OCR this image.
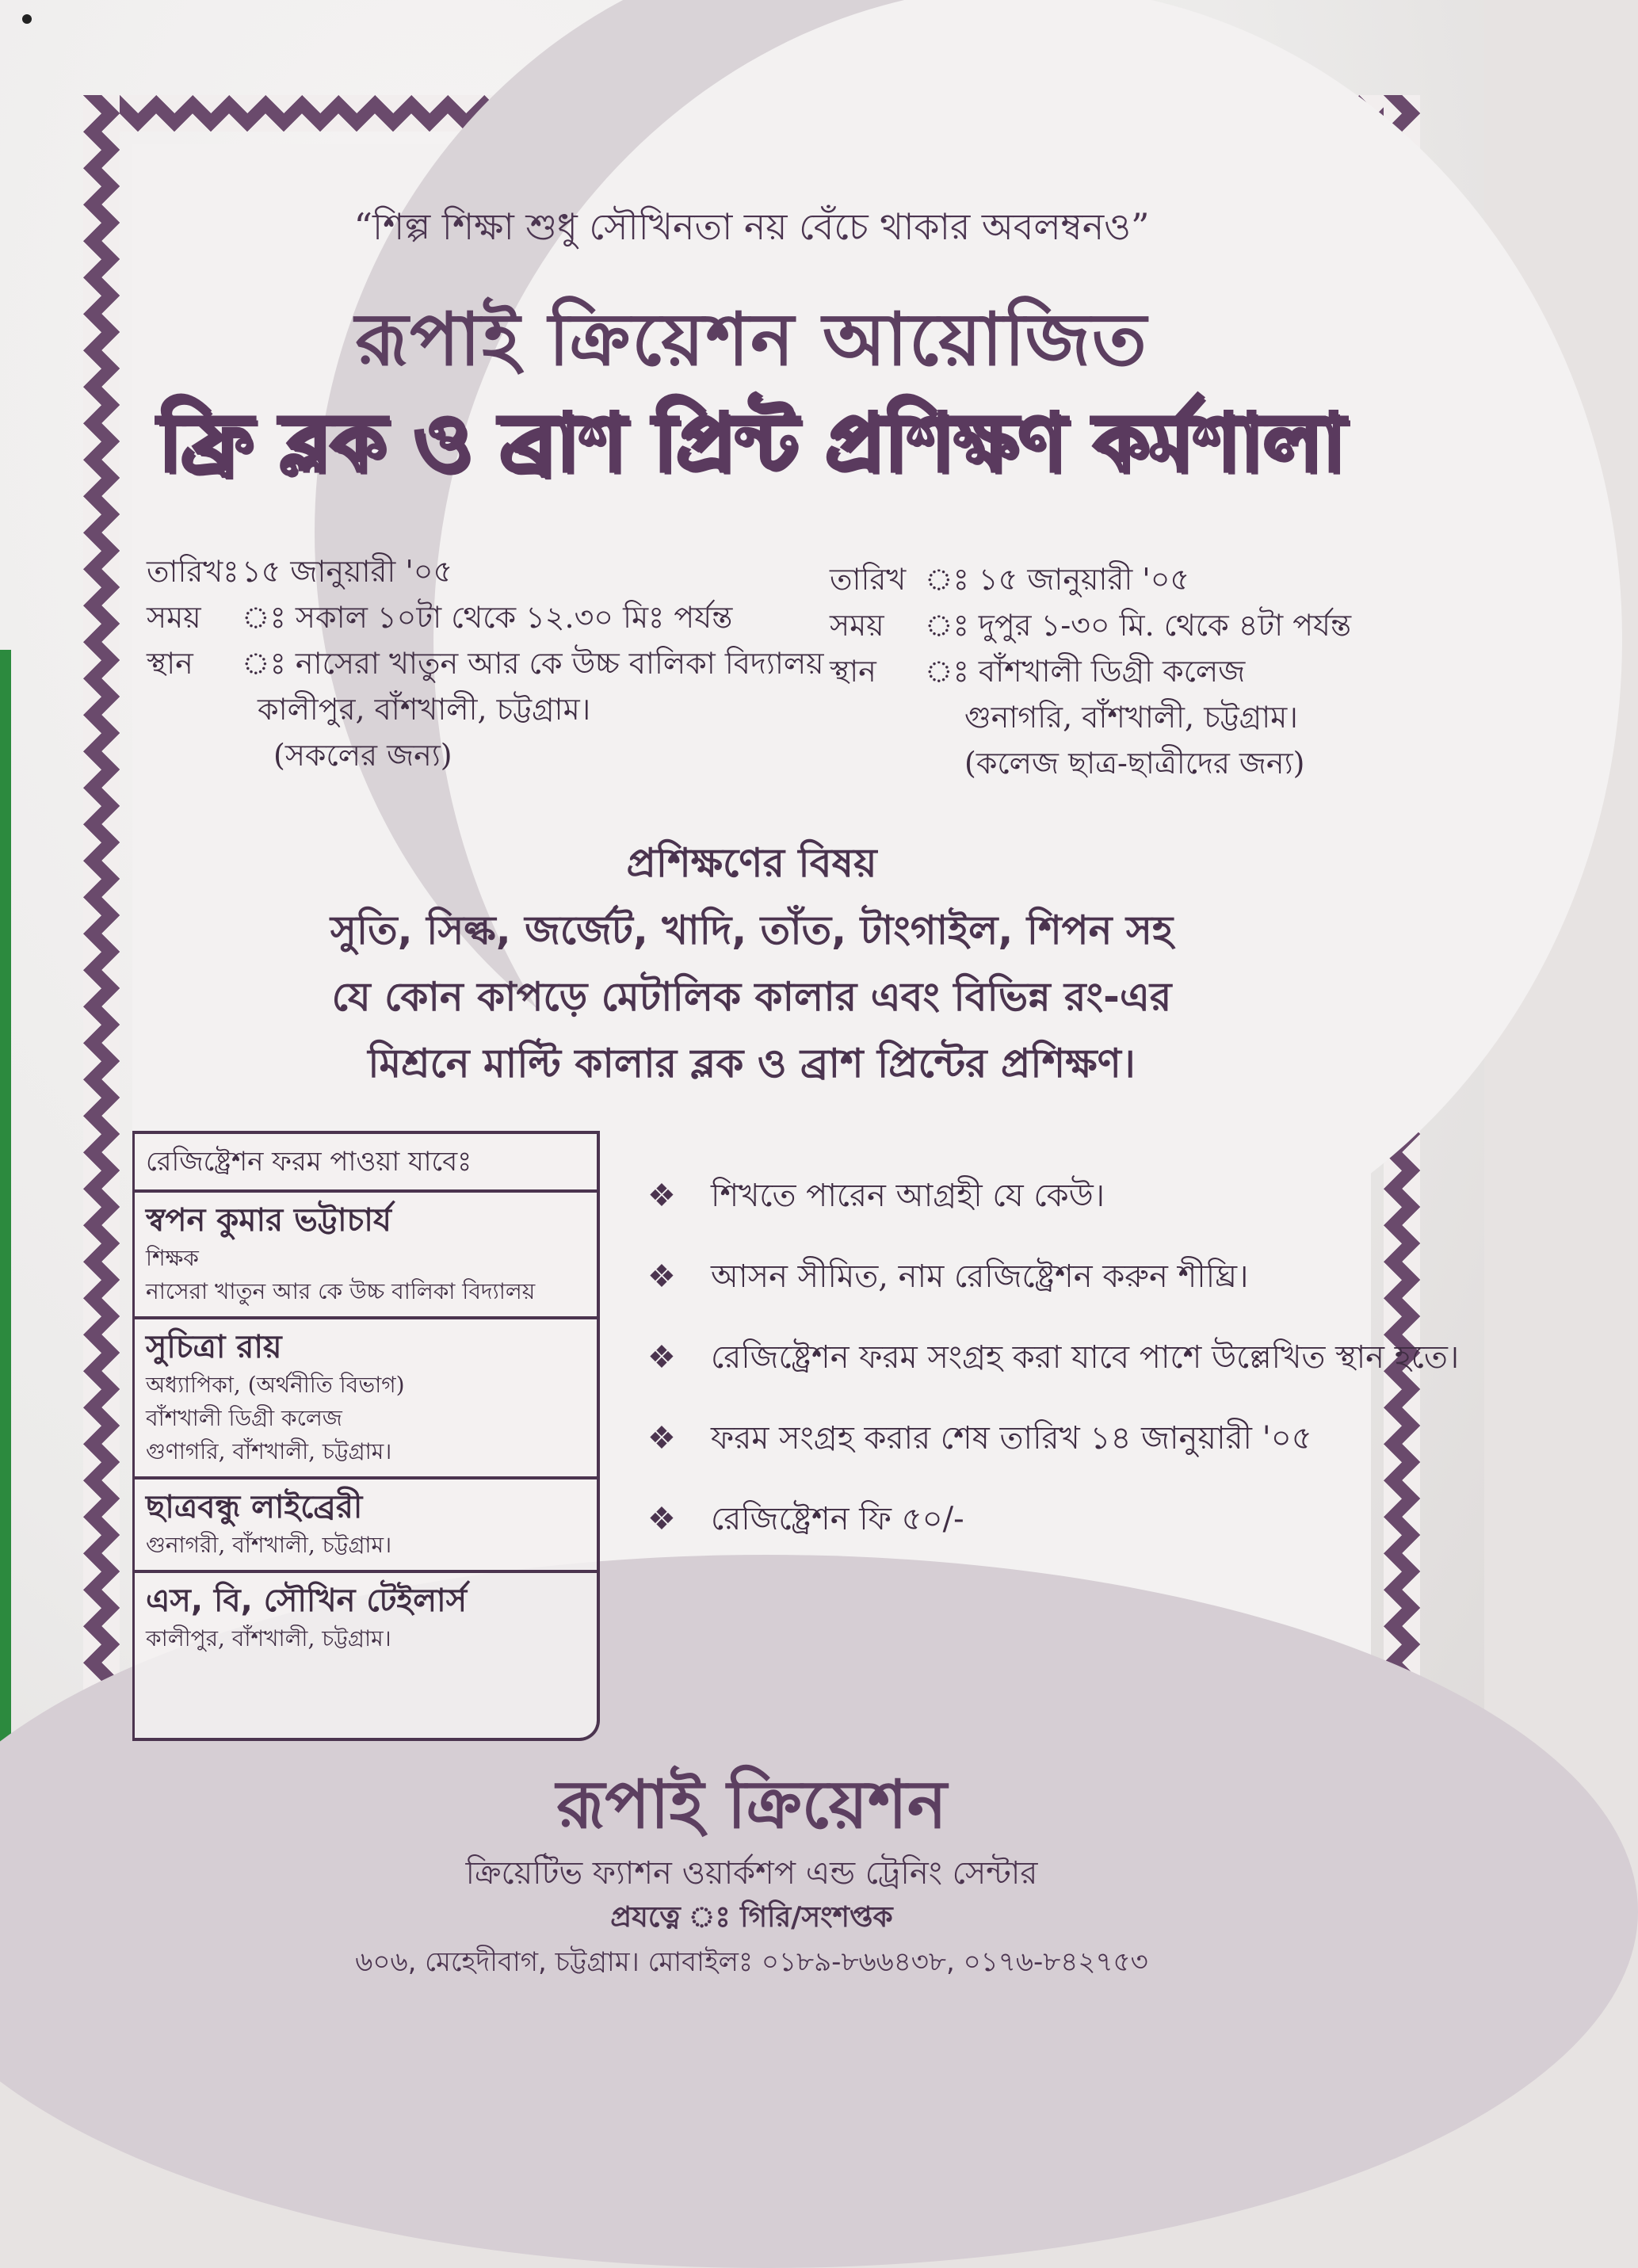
“শিল্প শিক্ষা শুধু সৌখিনতা নয় বেঁচে থাকার অবলম্বনও”
রূপাই ক্রিয়েশন আয়োজিত
ফ্রি ব্লক ও ব্রাশ প্রিন্ট প্রশিক্ষণ কর্মশালা
তারিখঃ ১৫ জানুয়ারী '০৫
সময়	ঃ সকাল ১০টা থেকে ১২.৩০ মিঃ পর্যন্ত
স্থান	ঃ নাসেরা খাতুন আর কে উচ্চ বালিকা বিদ্যালয়
কালীপুর, বাঁশখালী, চট্টগ্রাম।
(সকলের জন্য)
তারিখ ঃ ১৫ জানুয়ারী '০৫
সময়	ঃ দুপুর ১-৩০ মি. থেকে ৪টা পর্যন্ত
স্থান	ঃ বাঁশখালী ডিগ্রী কলেজ
গুনাগরি, বাঁশখালী, চট্টগ্রাম।
(কলেজ ছাত্র-ছাত্রীদের জন্য)
প্রশিক্ষণের বিষয়
সুতি, সিল্ক, জর্জেট, খাদি, তাঁত, টাংগাইল, শিপন সহ
যে কোন কাপড়ে মেটালিক কালার এবং বিভিন্ন রং-এর
মিশ্রনে মাল্টি কালার ব্লক ও ব্রাশ প্রিন্টের প্রশিক্ষণ।
রেজিষ্ট্রেশন ফরম পাওয়া যাবেঃ
স্বপন কুমার ভট্টাচার্য
শিক্ষক
নাসেরা খাতুন আর কে উচ্চ বালিকা বিদ্যালয়
সুচিত্রা রায়
অধ্যাপিকা, (অর্থনীতি বিভাগ)
বাঁশখালী ডিগ্রী কলেজ
গুণাগরি, বাঁশখালী, চট্টগ্রাম।
ছাত্রবন্ধু লাইব্রেরী
গুনাগরী, বাঁশখালী, চট্টগ্রাম।
এস, বি, সৌখিন টেইলার্স
কালীপুর, বাঁশখালী, চট্টগ্রাম।
❖	শিখতে পারেন আগ্রহী যে কেউ।
❖	আসন সীমিত, নাম রেজিষ্ট্রেশন করুন শীঘ্রি।
❖	রেজিষ্ট্রেশন ফরম সংগ্রহ করা যাবে পাশে উল্লেখিত স্থান হতে।
❖	ফরম সংগ্রহ করার শেষ তারিখ ১৪ জানুয়ারী '০৫
❖	রেজিষ্ট্রেশন ফি ৫০/-
রূপাই ক্রিয়েশন
ক্রিয়েটিভ ফ্যাশন ওয়ার্কশপ এন্ড ট্রেনিং সেন্টার
প্রযত্নে ঃ গিরি/সংশপ্তক
৬০৬, মেহেদীবাগ, চট্টগ্রাম। মোবাইলঃ ০১৮৯-৮৬৬৪৩৮, ০১৭৬-৮৪২৭৫৩
